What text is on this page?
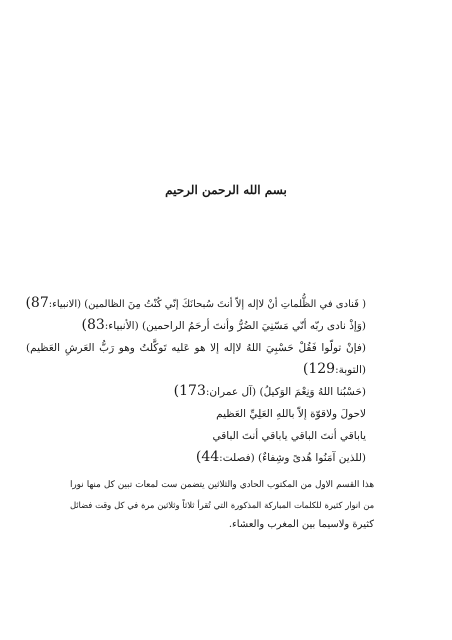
بسم الله الرحمن الرحيم
( فَنادى في الظُّلماتِ أنْ لاإله إلاّ أنتَ سُبحانَكَ إنّي كُنْتُ مِنَ الظالمين) (الانبياء:87)
(وَإذْ نادى ربّه أنّي مَسّنِيَ الضُرُّ وأنتَ أرحَمُ الراحمين) (الأنبياء:83)
(فإنْ تولّوا فَقُلْ حَسْبِيَ اللهُ لاإله إلا هو عَليه تَوكَّلتُ وهو رَبُّ العَرشِ العَظيم)
(التوبة:129)
(حَسْبُنا اللهُ وَنِعْمَ الوَكيلُ) (آل عمران:173)
لاحولَ ولاقوّة إلاّ باللهِ العَلِيِّ العَظيم
ياباقي أنتَ الباقي ياباقي أنتَ الباقي
(للذين آمَنُوا هُدىً وشِفاءٌ) (فصلت:44)
هذا القسم الاول من المكتوب الحادي والثلاثين يتضمن ست لمعات تبين كل منها نورا
من انوار كثيرة للكلمات المباركة المذكورة التي تُقرأ ثلاثاً وثلاثين مرة في كل وقت فضائل
كثيرة ولاسيما بين المغرب والعشاء.
